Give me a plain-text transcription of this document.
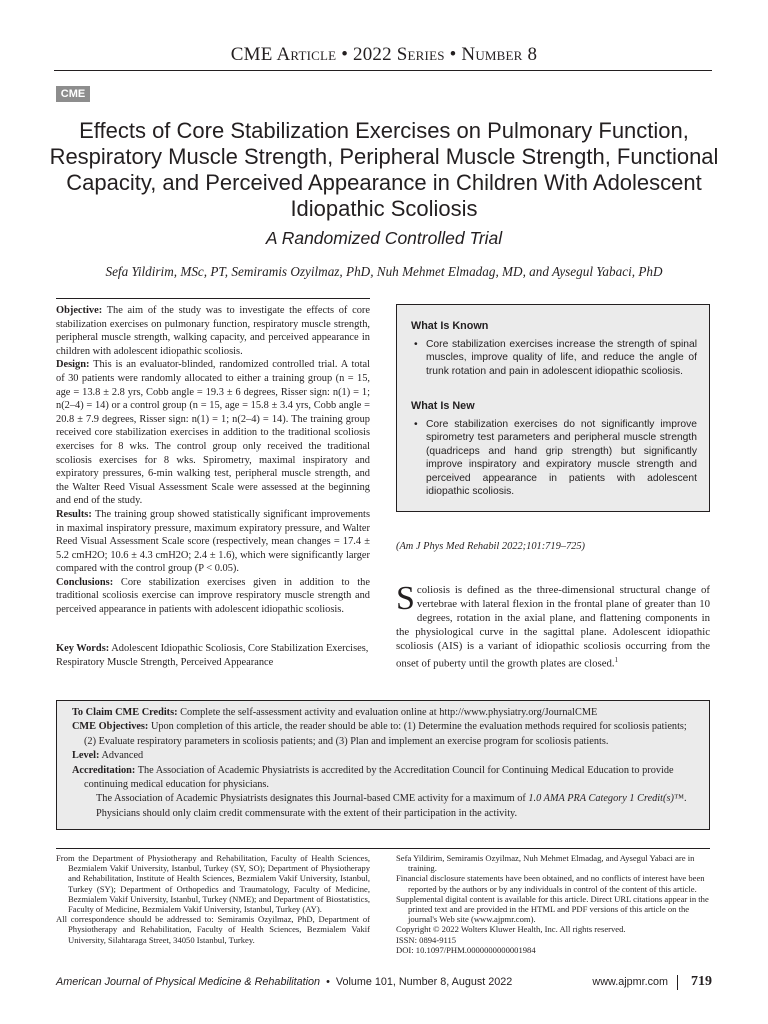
CME Article • 2022 Series • Number 8
CME
Effects of Core Stabilization Exercises on Pulmonary Function, Respiratory Muscle Strength, Peripheral Muscle Strength, Functional Capacity, and Perceived Appearance in Children With Adolescent Idiopathic Scoliosis
A Randomized Controlled Trial
Sefa Yildirim, MSc, PT, Semiramis Ozyilmaz, PhD, Nuh Mehmet Elmadag, MD, and Aysegul Yabaci, PhD

Objective: The aim of the study was to investigate the effects of core stabilization exercises on pulmonary function, respiratory muscle strength, peripheral muscle strength, walking capacity, and perceived appearance in children with adolescent idiopathic scoliosis.

Design: This is an evaluator-blinded, randomized controlled trial. A total of 30 patients were randomly allocated to either a training group (n = 15, age = 13.8 ± 2.8 yrs, Cobb angle = 19.3 ± 6 degrees, Risser sign: n(1) = 1; n(2–4) = 14) or a control group (n = 15, age = 15.8 ± 3.4 yrs, Cobb angle = 20.8 ± 7.9 degrees, Risser sign: n(1) = 1; n(2–4) = 14). The training group received core stabilization exercises in addition to the traditional scoliosis exercises for 8 wks. The control group only received the traditional scoliosis exercises for 8 wks. Spirometry, maximal inspiratory and expiratory pressures, 6-min walking test, peripheral muscle strength, and the Walter Reed Visual Assessment Scale were assessed at the beginning and end of the study.

Results: The training group showed statistically significant improvements in maximal inspiratory pressure, maximum expiratory pressure, and Walter Reed Visual Assessment Scale score (respectively, mean changes = 17.4 ± 5.2 cmH2O; 10.6 ± 4.3 cmH2O; 2.4 ± 1.6), which were significantly larger compared with the control group (P < 0.05).

Conclusions: Core stabilization exercises given in addition to the traditional scoliosis exercise can improve respiratory muscle strength and perceived appearance in patients with adolescent idiopathic scoliosis.

Key Words: Adolescent Idiopathic Scoliosis, Core Stabilization Exercises, Respiratory Muscle Strength, Perceived Appearance
What Is Known
• Core stabilization exercises increase the strength of spinal muscles, improve quality of life, and reduce the angle of trunk rotation and pain in adolescent idiopathic scoliosis.
What Is New
• Core stabilization exercises do not significantly improve spirometry test parameters and peripheral muscle strength (quadriceps and hand grip strength) but significantly improve inspiratory and expiratory muscle strength and perceived appearance in patients with adolescent idiopathic scoliosis.
(Am J Phys Med Rehabil 2022;101:719–725)
Scoliosis is defined as the three-dimensional structural change of vertebrae with lateral flexion in the frontal plane of greater than 10 degrees, rotation in the axial plane, and flattening components in the physiological curve in the sagittal plane. Adolescent idiopathic scoliosis (AIS) is a variant of idiopathic scoliosis occurring from the onset of puberty until the growth plates are closed.$^1$

To Claim CME Credits: Complete the self-assessment activity and evaluation online at http://www.physiatry.org/JournalCME

CME Objectives: Upon completion of this article, the reader should be able to: (1) Determine the evaluation methods required for scoliosis patients; (2) Evaluate respiratory parameters in scoliosis patients; and (3) Plan and implement an exercise program for scoliosis patients.

Level: Advanced

Accreditation: The Association of Academic Physiatrists is accredited by the Accreditation Council for Continuing Medical Education to provide continuing medical education for physicians.

The Association of Academic Physiatrists designates this Journal-based CME activity for a maximum of 1.0 AMA PRA Category 1 Credit(s)™. Physicians should only claim credit commensurate with the extent of their participation in the activity.

From the Department of Physiotherapy and Rehabilitation, Faculty of Health Sciences, Bezmialem Vakif University, Istanbul, Turkey (SY, SO); Department of Physiotherapy and Rehabilitation, Institute of Health Sciences, Bezmialem Vakif University, Istanbul, Turkey (SY); Department of Orthopedics and Traumatology, Faculty of Medicine, Bezmialem Vakif University, Istanbul, Turkey (NME); and Department of Biostatistics, Faculty of Medicine, Bezmialem Vakif University, Istanbul, Turkey (AY).

All correspondence should be addressed to: Semiramis Ozyilmaz, PhD, Department of Physiotherapy and Rehabilitation, Faculty of Health Sciences, Bezmialem Vakif University, Silahtaraga Street, 34050 Istanbul, Turkey.

Sefa Yildirim, Semiramis Ozyilmaz, Nuh Mehmet Elmadag, and Aysegul Yabaci are in training.

Financial disclosure statements have been obtained, and no conflicts of interest have been reported by the authors or by any individuals in control of the content of this article.

Supplemental digital content is available for this article. Direct URL citations appear in the printed text and are provided in the HTML and PDF versions of this article on the journal's Web site (www.ajpmr.com).

Copyright © 2022 Wolters Kluwer Health, Inc. All rights reserved.

ISSN: 0894-9115

DOI: 10.1097/PHM.0000000000001984

American Journal of Physical Medicine & Rehabilitation • Volume 101, Number 8, August 2022	www.ajpmr.com 719
